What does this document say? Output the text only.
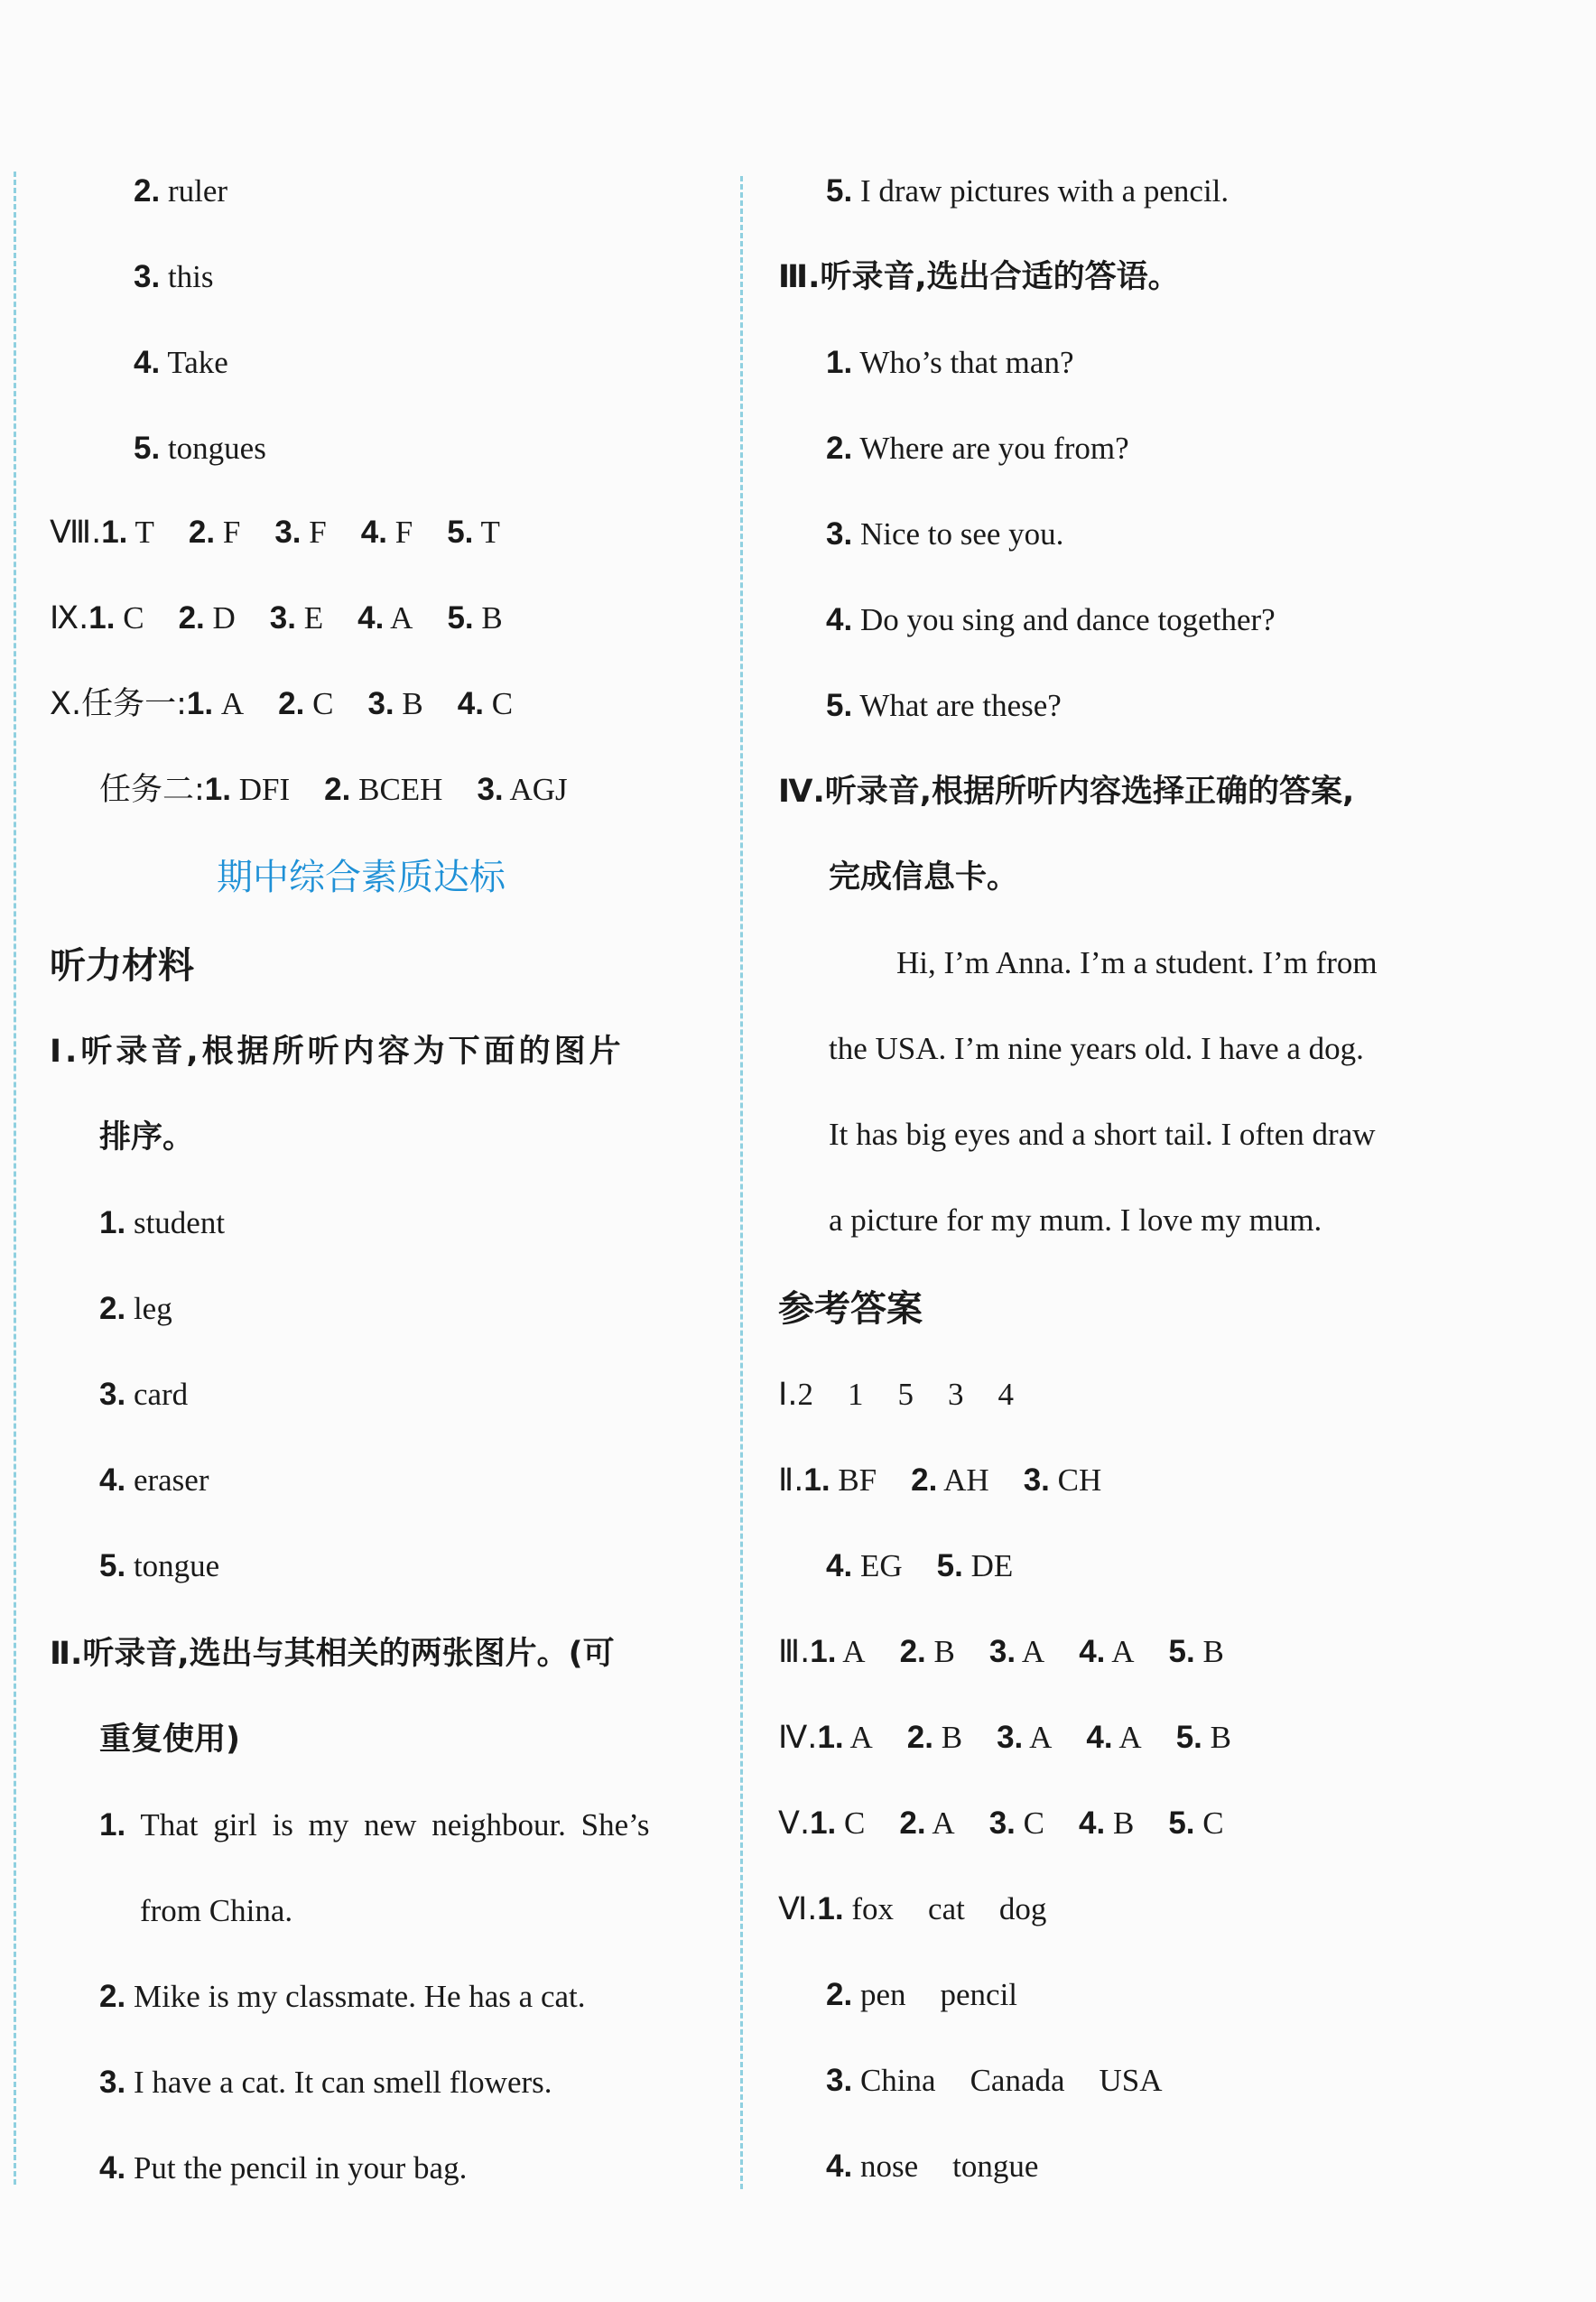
2. ruler
3. this
4. Take
5. tongues
Ⅷ.1. T 2. F 3. F 4. F 5. T
Ⅸ.1. C 2. D 3. E 4. A 5. B
Ⅹ.任务一:1. A 2. C 3. B 4. C
任务二:1. DFI 2. BCEH 3. AGJ
期中综合素质达标
听力材料
Ⅰ.听录音,根据所听内容为下面的图片
排序。
1. student
2. leg
3. card
4. eraser
5. tongue
Ⅱ.听录音,选出与其相关的两张图片。(可
重复使用)
1. That girl is my new neighbour. She’s
from China.
2. Mike is my classmate. He has a cat.
3. I have a cat. It can smell flowers.
4. Put the pencil in your bag.
5. I draw pictures with a pencil.
Ⅲ.听录音,选出合适的答语。
1. Who’s that man?
2. Where are you from?
3. Nice to see you.
4. Do you sing and dance together?
5. What are these?
Ⅳ.听录音,根据所听内容选择正确的答案,
完成信息卡。
Hi, I’m Anna. I’m a student. I’m from
the USA. I’m nine years old. I have a dog.
It has big eyes and a short tail. I often draw
a picture for my mum. I love my mum.
参考答案
Ⅰ.2 1 5 3 4
Ⅱ.1. BF 2. AH 3. CH
4. EG 5. DE
Ⅲ.1. A 2. B 3. A 4. A 5. B
Ⅳ.1. A 2. B 3. A 4. A 5. B
Ⅴ.1. C 2. A 3. C 4. B 5. C
Ⅵ.1. fox cat dog
2. pen pencil
3. China Canada USA
4. nose tongue
